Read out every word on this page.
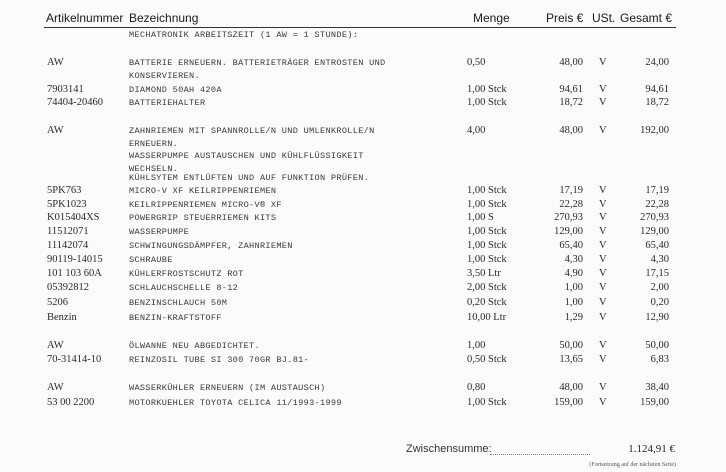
Artikelnummer Bezeichnung	Menge	Preis € USt. Gesamt €
MECHATRONIK ARBEITSZEIT (1 AW = 1 STUNDE):
AW	BATTERIE ERNEUERN. BATTERIETRÄGER ENTROSTEN UND	0,50	48,00 V	24,00
KONSERVIEREN.
7903141	DIAMOND 50AH 420A	1,00 Stck	94,61 V	94,61
74404-20460	BATTERIEHALTER	1,00 Stck	18,72 V	18,72
AW	ZAHNRIEMEN MIT SPANNROLLE/N UND UMLENKROLLE/N	4,00	48,00 V	192,00
ERNEUERN.
WASSERPUMPE AUSTAUSCHEN UND KÜHLFLÜSSIGKEIT
WECHSELN.
KÜHLSYTEM ENTLÜFTEN UND AUF FUNKTION PRÜFEN.
5PK763	MICRO-V XF KEILRIPPENRIEMEN	1,00 Stck	17,19 V	17,19
5PK1023	KEILRIPPENRIEMEN MICRO-V® XF	1,00 Stck	22,28 V	22,28
K015404XS	POWERGRIP STEUERRIEMEN KITS	1,00 S	270,93 V	270,93
11512071	WASSERPUMPE	1,00 Stck	129,00 V	129,00
11142074	SCHWINGUNGSDÄMPFER, ZAHNRIEMEN	1,00 Stck	65,40 V	65,40
90119-14015	SCHRAUBE	1,00 Stck	4,30 V	4,30
101 103 60A	KÜHLERFROSTSCHUTZ ROT	3,50 Ltr	4,90 V	17,15
05392812	SCHLAUCHSCHELLE 8-12	2,00 Stck	1,00 V	2,00
5206	BENZINSCHLAUCH 50M	0,20 Stck	1,00 V	0,20
Benzin	BENZIN-KRAFTSTOFF	10,00 Ltr	1,29 V	12,90
AW	ÖLWANNE NEU ABGEDICHTET.	1,00	50,00 V	50,00
70-31414-10	REINZOSIL TUBE SI 300 70GR BJ.81-	0,50 Stck	13,65 V	6,83
AW	WASSERKÜHLER ERNEUERN (IM AUSTAUSCH)	0,80	48,00 V	38,40
53 00 2200	MOTORKUEHLER TOYOTA CELICA 11/1993-1999	1,00 Stck	159,00 V	159,00
Zwischensumme:	1.124,91 €
(Fortsetzung auf der nächsten Seite)
